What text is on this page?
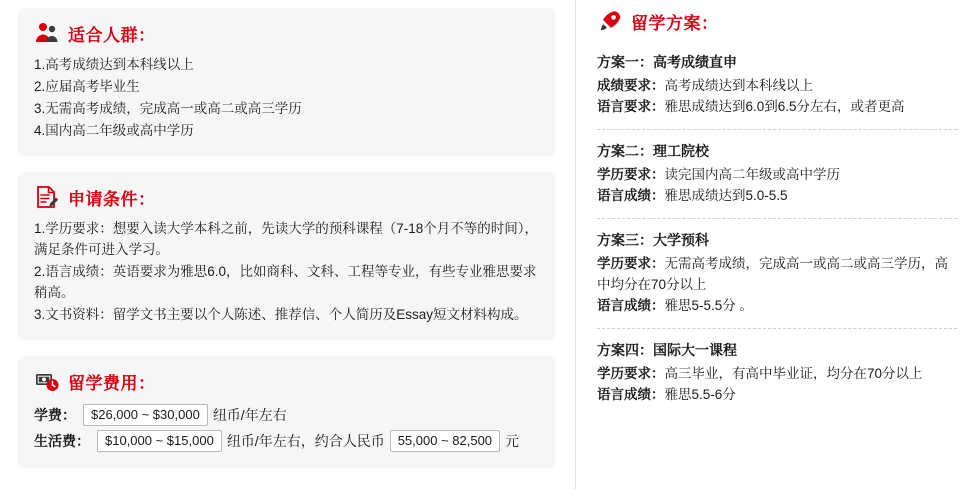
适合人群：
1.高考成绩达到本科线以上
2.应届高考毕业生
3.无需高考成绩，完成高一或高二或高三学历
4.国内高二年级或高中学历
申请条件：
1.学历要求：想要入读大学本科之前，先读大学的预科课程（7-18个月不等的时间），满足条件可进入学习。
2.语言成绩：英语要求为雅思6.0，比如商科、文科、工程等专业，有些专业雅思要求稍高。
3.文书资料：留学文书主要以个人陈述、推荐信、个人简历及Essay短文材料构成。
留学费用：
学费：	$26,000 ~ $30,000 纽币/年左右
生活费：	$10,000 ~ $15,000 纽币/年左右，约合人民币	55,000 ~ 82,500 元
留学方案：
方案一：高考成绩直申
成绩要求：高考成绩达到本科线以上
语言要求：雅思成绩达到6.0到6.5分左右，或者更高
方案二：理工院校
学历要求：读完国内高二年级或高中学历
语言成绩：雅思成绩达到5.0-5.5
方案三：大学预科
学历要求：无需高考成绩，完成高一或高二或高三学历，高中均分在70分以上
语言成绩：雅思5-5.5分 。
方案四：国际大一课程
学历要求：高三毕业，有高中毕业证，均分在70分以上
语言成绩：雅思5.5-6分
